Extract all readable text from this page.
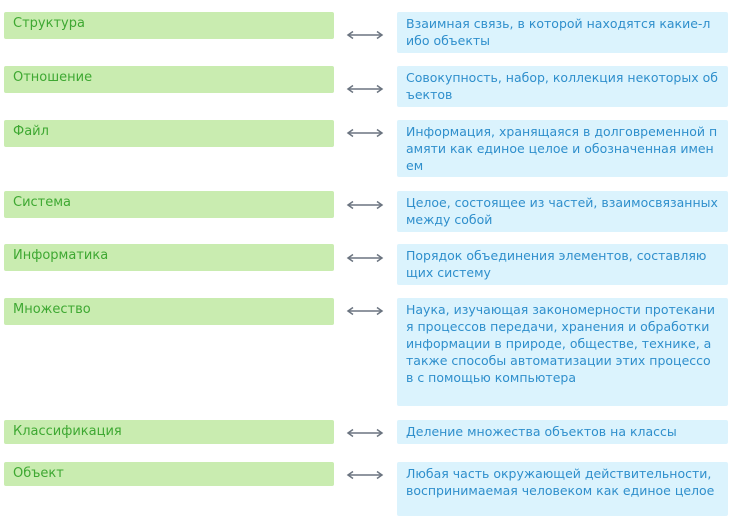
Структура	Взаимная связь, в которой находятся какие-либо объекты
Отношение	Совокупность, набор, коллекция некоторых объектов
Файл	Информация, хранящаяся в долговременной памяти как единое целое и обозначенная именем
Система	Целое, состоящее из частей, взаимосвязанных между собой
Информатика	Порядок объединения элементов, составляющих систему
Множество	Наука, изучающая закономерности протекания процессов передачи, хранения и обработки информации в природе, обществе, технике, а также способы автоматизации этих процессов с помощью компьютера
Классификация	Деление множества объектов на классы
Объект	Любая часть окружающей действительности, воспринимаемая человеком как единое целое
